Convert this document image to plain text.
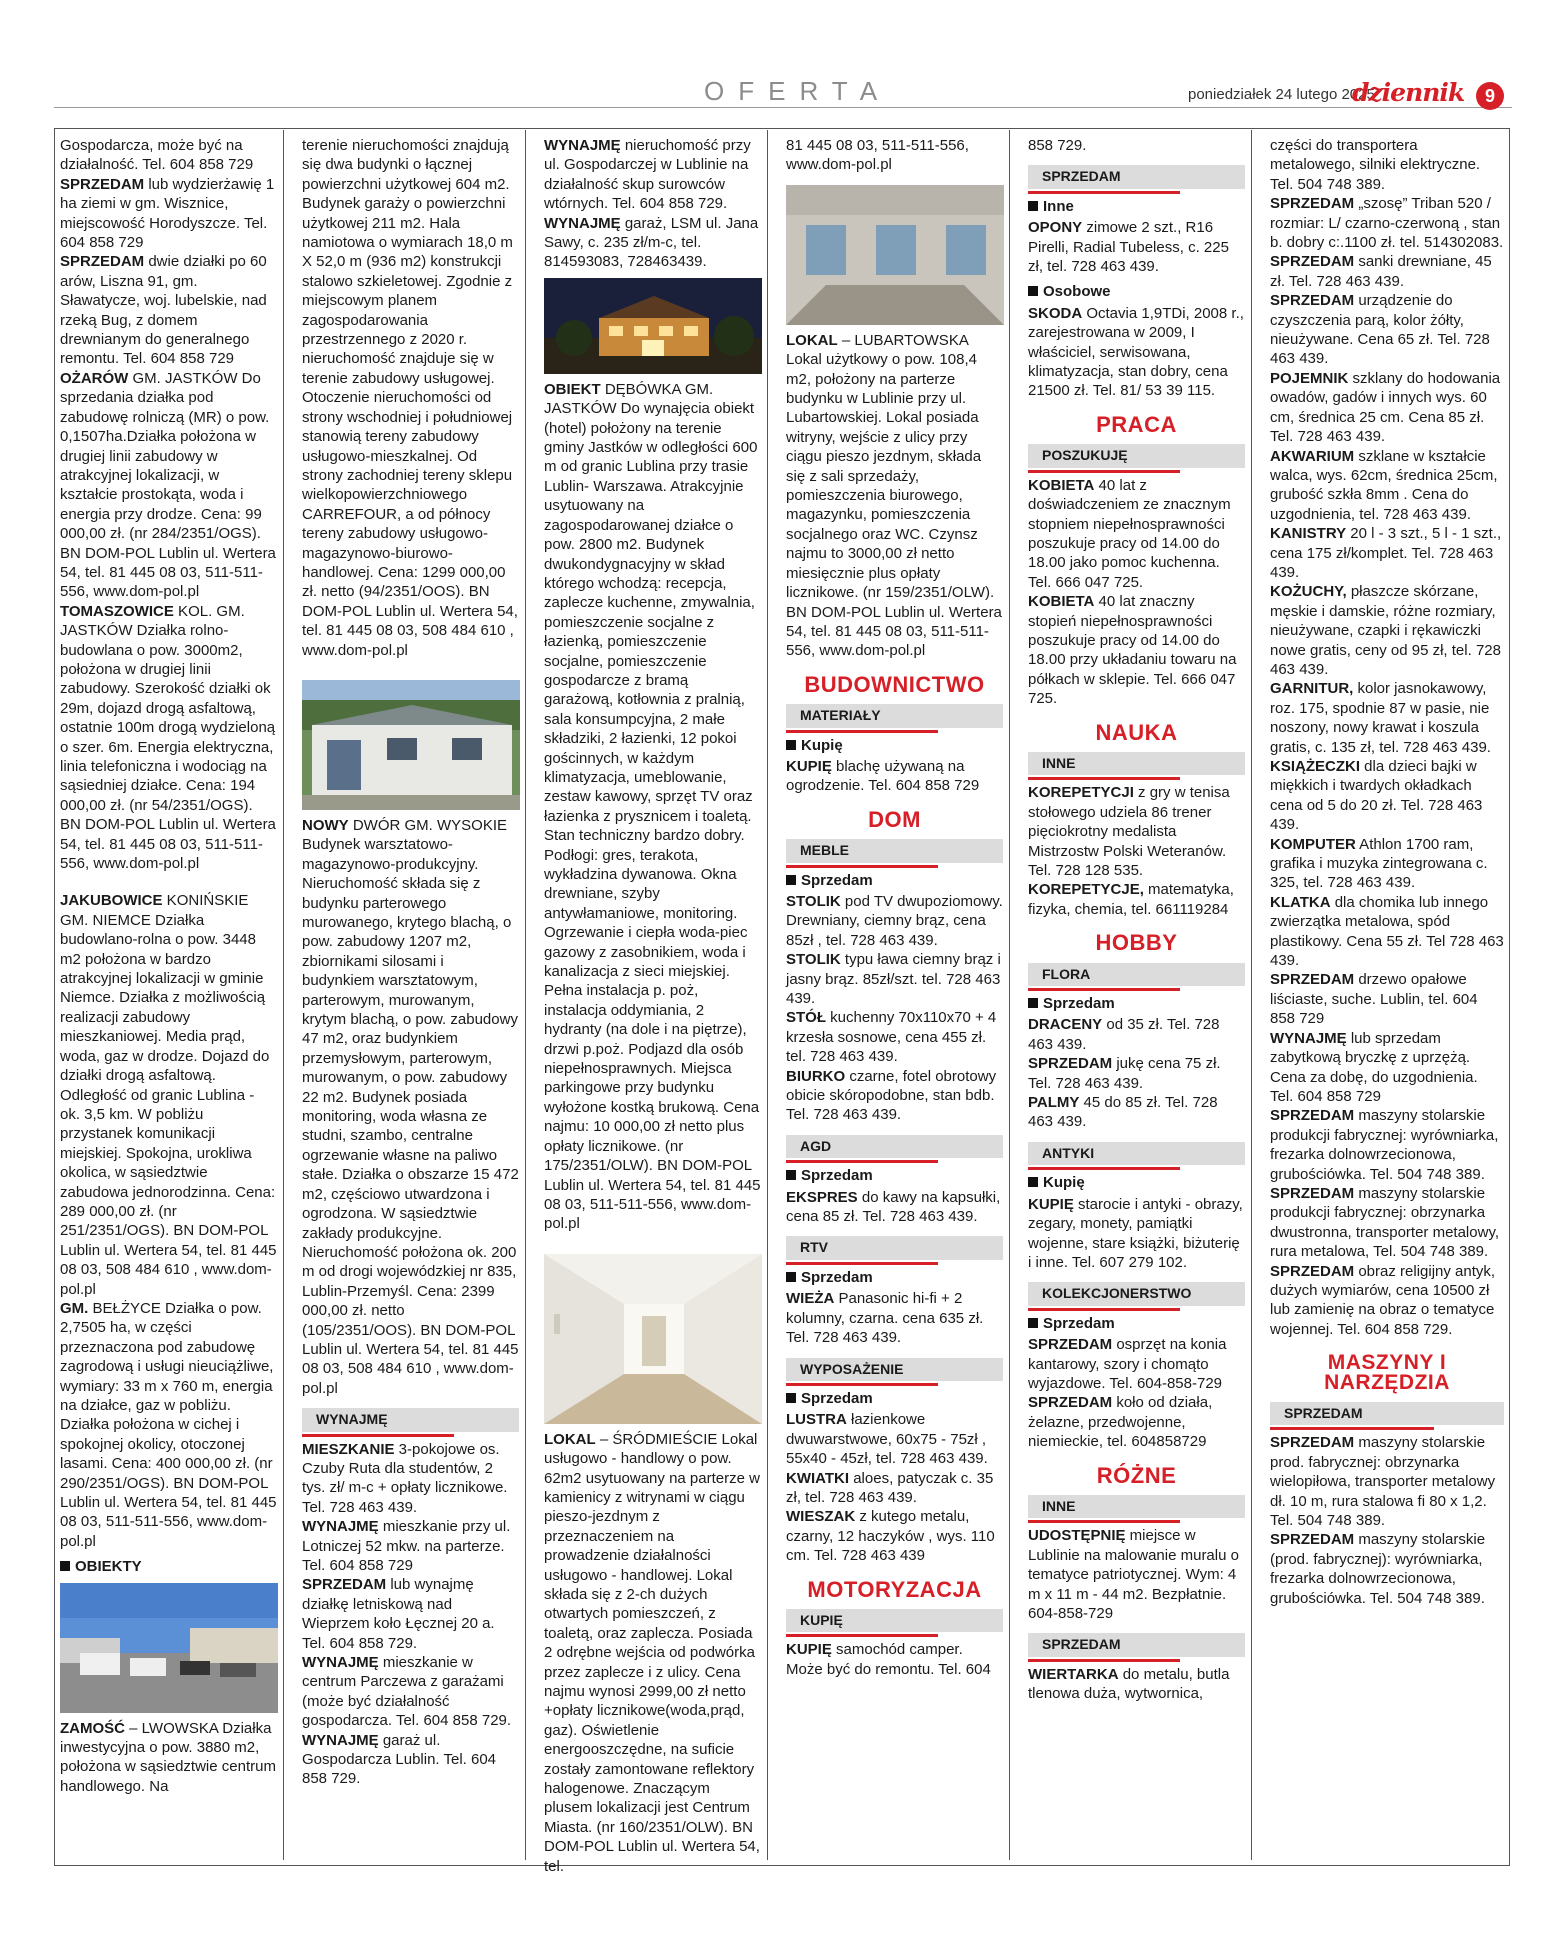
OFERTA	poniedziałek 24 lutego 2025
dziennik	9

Gospodarcza, może być na działalność. Tel. 604 858 729

SPRZEDAM lub wydzierżawię 1 ha ziemi w gm. Wisznice, miejscowość Horodyszcze. Tel. 604 858 729

SPRZEDAM dwie działki po 60 arów, Liszna 91, gm. Sławatycze, woj. lubelskie, nad rzeką Bug, z domem drewnianym do generalnego remontu. Tel. 604 858 729

OŻARÓW GM. JASTKÓW Do sprzedania działka pod zabudowę rolniczą (MR) o pow. 0,1507ha.Działka położona w drugiej linii zabudowy w atrakcyjnej lokalizacji, w kształcie prostokąta, woda i energia przy drodze. Cena: 99 000,00 zł. (nr 284/2351/OGS). BN DOM-POL Lublin ul. Wertera 54, tel. 81 445 08 03, 511-511-556, www.dom-pol.pl

TOMASZOWICE KOL. GM. JASTKÓW Działka rolno-budowlana o pow. 3000m2, położona w drugiej linii zabudowy. Szerokość działki ok 29m, dojazd drogą asfaltową, ostatnie 100m drogą wydzieloną o szer. 6m. Energia elektryczna, linia telefoniczna i wodociąg na sąsiedniej działce. Cena: 194 000,00 zł. (nr 54/2351/OGS). BN DOM-POL Lublin ul. Wertera 54, tel. 81 445 08 03, 511-511-556, www.dom-pol.pl

JAKUBOWICE KONIŃSKIE GM. NIEMCE Działka budowlano-rolna o pow. 3448 m2 położona w bardzo atrakcyjnej lokalizacji w gminie Niemce. Działka z możliwością realizacji zabudowy mieszkaniowej. Media prąd, woda, gaz w drodze. Dojazd do działki drogą asfaltową. Odległość od granic Lublina - ok. 3,5 km. W pobliżu przystanek komunikacji miejskiej. Spokojna, urokliwa okolica, w sąsiedztwie zabudowa jednorodzinna. Cena: 289 000,00 zł. (nr 251/2351/OGS). BN DOM-POL Lublin ul. Wertera 54, tel. 81 445 08 03, 508 484 610 , www.dom-pol.pl

GM. BEŁŻYCE Działka o pow. 2,7505 ha, w części przeznaczona pod zabudowę zagrodową i usługi nieuciążliwe, wymiary: 33 m x 760 m, energia na działce, gaz w pobliżu. Działka położona w cichej i spokojnej okolicy, otoczonej lasami. Cena: 400 000,00 zł. (nr 290/2351/OGS). BN DOM-POL Lublin ul. Wertera 54, tel. 81 445 08 03, 511-511-556, www.dom-pol.pl

OBIEKTY

ZAMOŚĆ – LWOWSKA Działka inwestycyjna o pow. 3880 m2, położona w sąsiedztwie centrum handlowego. Na

terenie nieruchomości znajdują się dwa budynki o łącznej powierzchni użytkowej 604 m2. Budynek garaży o powierzchni użytkowej 211 m2. Hala namiotowa o wymiarach 18,0 m X 52,0 m (936 m2) konstrukcji stalowo szkieletowej. Zgodnie z miejscowym planem zagospodarowania przestrzennego z 2020 r. nieruchomość znajduje się w terenie zabudowy usługowej. Otoczenie nieruchomości od strony wschodniej i południowej stanowią tereny zabudowy usługowo-mieszkalnej. Od strony zachodniej tereny sklepu wielkopowierzchniowego CARREFOUR, a od północy tereny zabudowy usługowo-magazynowo-biurowo-handlowej. Cena: 1299 000,00 zł. netto (94/2351/OOS). BN DOM-POL Lublin ul. Wertera 54, tel. 81 445 08 03, 508 484 610 , www.dom-pol.pl

NOWY DWÓR GM. WYSOKIE Budynek warsztatowo-magazynowo-produkcyjny. Nieruchomość składa się z budynku parterowego murowanego, krytego blachą, o pow. zabudowy 1207 m2, zbiornikami silosami i budynkiem warsztatowym, parterowym, murowanym, krytym blachą, o pow. zabudowy 47 m2, oraz budynkiem przemysłowym, parterowym, murowanym, o pow. zabudowy 22 m2. Budynek posiada monitoring, woda własna ze studni, szambo, centralne ogrzewanie własne na paliwo stałe. Działka o obszarze 15 472 m2, częściowo utwardzona i ogrodzona. W sąsiedztwie zakłady produkcyjne. Nieruchomość położona ok. 200 m od drogi wojewódzkiej nr 835, Lublin-Przemyśl. Cena: 2399 000,00 zł. netto (105/2351/OOS). BN DOM-POL Lublin ul. Wertera 54, tel. 81 445 08 03, 508 484 610 , www.dom-pol.pl

WYNAJMĘ

MIESZKANIE 3-pokojowe os. Czuby Ruta dla studentów, 2 tys. zł/ m-c + opłaty licznikowe. Tel. 728 463 439.

WYNAJMĘ mieszkanie przy ul. Lotniczej 52 mkw. na parterze. Tel. 604 858 729

SPRZEDAM lub wynajmę działkę letniskową nad Wieprzem koło Łęcznej 20 a. Tel. 604 858 729.

WYNAJMĘ mieszkanie w centrum Parczewa z garażami (może być działalność gospodarcza. Tel. 604 858 729.

WYNAJMĘ garaż ul. Gospodarcza Lublin. Tel. 604 858 729.

WYNAJMĘ nieruchomość przy ul. Gospodarczej w Lublinie na działalność skup surowców wtórnych. Tel. 604 858 729.

WYNAJMĘ garaż, LSM ul. Jana Sawy, c. 235 zł/m-c, tel. 814593083, 728463439.

OBIEKT DĘBÓWKA GM. JASTKÓW Do wynajęcia obiekt (hotel) położony na terenie gminy Jastków w odległości 600 m od granic Lublina przy trasie Lublin- Warszawa. Atrakcyjnie usytuowany na zagospodarowanej działce o pow. 2800 m2. Budynek dwukondygnacyjny w skład którego wchodzą: recepcja, zaplecze kuchenne, zmywalnia, pomieszczenie socjalne z łazienką, pomieszczenie socjalne, pomieszczenie gospodarcze z bramą garażową, kotłownia z pralnią, sala konsumpcyjna, 2 małe składziki, 2 łazienki, 12 pokoi gościnnych, w każdym klimatyzacja, umeblowanie, zestaw kawowy, sprzęt TV oraz łazienka z prysznicem i toaletą. Stan techniczny bardzo dobry. Podłogi: gres, terakota, wykładzina dywanowa. Okna drewniane, szyby antywłamaniowe, monitoring. Ogrzewanie i ciepła woda-piec gazowy z zasobnikiem, woda i kanalizacja z sieci miejskiej. Pełna instalacja p. poż, instalacja oddymiania, 2 hydranty (na dole i na piętrze), drzwi p.poż. Podjazd dla osób niepełnosprawnych. Miejsca parkingowe przy budynku wyłożone kostką brukową. Cena najmu: 10 000,00 zł netto plus opłaty licznikowe. (nr 175/2351/OLW). BN DOM-POL Lublin ul. Wertera 54, tel. 81 445 08 03, 511-511-556, www.dom-pol.pl

LOKAL – ŚRÓDMIEŚCIE Lokal usługowo - handlowy o pow. 62m2 usytuowany na parterze w kamienicy z witrynami w ciągu pieszo-jezdnym z przeznaczeniem na prowadzenie działalności usługowo - handlowej. Lokal składa się z 2-ch dużych otwartych pomieszczeń, z toaletą, oraz zaplecza. Posiada 2 odrębne wejścia od podwórka przez zaplecze i z ulicy. Cena najmu wynosi 2999,00 zł netto +opłaty licznikowe(woda,prąd, gaz). Oświetlenie energooszczędne, na suficie zostały zamontowane reflektory halogenowe. Znaczącym plusem lokalizacji jest Centrum Miasta. (nr 160/2351/OLW). BN DOM-POL Lublin ul. Wertera 54, tel.

81 445 08 03, 511-511-556, www.dom-pol.pl

LOKAL – LUBARTOWSKA Lokal użytkowy o pow. 108,4 m2, położony na parterze budynku w Lublinie przy ul. Lubartowskiej. Lokal posiada witryny, wejście z ulicy przy ciągu pieszo jezdnym, składa się z sali sprzedaży, pomieszczenia biurowego, magazynku, pomieszczenia socjalnego oraz WC. Czynsz najmu to 3000,00 zł netto miesięcznie plus opłaty licznikowe. (nr 159/2351/OLW). BN DOM-POL Lublin ul. Wertera 54, tel. 81 445 08 03, 511-511-556, www.dom-pol.pl

BUDOWNICTWO
MATERIAŁY
Kupię

KUPIĘ blachę używaną na ogrodzenie. Tel. 604 858 729

DOM
MEBLE
Sprzedam

STOLIK pod TV dwupoziomowy. Drewniany, ciemny brąz, cena 85zł , tel. 728 463 439.

STOLIK typu ława ciemny brąz i jasny brąz. 85zł/szt. tel. 728 463 439.

STÓŁ kuchenny 70x110x70 + 4 krzesła sosnowe, cena 455 zł. tel. 728 463 439.

BIURKO czarne, fotel obrotowy obicie skóropodobne, stan bdb. Tel. 728 463 439.

AGD
Sprzedam

EKSPRES do kawy na kapsułki, cena 85 zł. Tel. 728 463 439.

RTV
Sprzedam

WIEŻA Panasonic hi-fi + 2 kolumny, czarna. cena 635 zł. Tel. 728 463 439.

WYPOSAŻENIE
Sprzedam

LUSTRA łazienkowe dwuwarstwowe, 60x75 - 75zł , 55x40 - 45zł, tel. 728 463 439.

KWIATKI aloes, patyczak c. 35 zł, tel. 728 463 439.

WIESZAK z kutego metalu, czarny, 12 haczyków , wys. 110 cm. Tel. 728 463 439

MOTORYZACJA
KUPIĘ

KUPIĘ samochód camper. Może być do remontu. Tel. 604

858 729.

SPRZEDAM
Inne

OPONY zimowe 2 szt., R16 Pirelli, Radial Tubeless, c. 225 zł, tel. 728 463 439.

Osobowe

SKODA Octavia 1,9TDi, 2008 r., zarejestrowana w 2009, I właściciel, serwisowana, klimatyzacja, stan dobry, cena 21500 zł. Tel. 81/ 53 39 115.

PRACA
POSZUKUJĘ

KOBIETA 40 lat z doświadczeniem ze znacznym stopniem niepełnosprawności poszukuje pracy od 14.00 do 18.00 jako pomoc kuchenna. Tel. 666 047 725.

KOBIETA 40 lat znaczny stopień niepełnosprawności poszukuje pracy od 14.00 do 18.00 przy układaniu towaru na półkach w sklepie. Tel. 666 047 725.

NAUKA
INNE

KOREPETYCJI z gry w tenisa stołowego udziela 86 trener pięciokrotny medalista Mistrzostw Polski Weteranów. Tel. 728 128 535.

KOREPETYCJE, matematyka, fizyka, chemia, tel. 661119284

HOBBY
FLORA
Sprzedam

DRACENY od 35 zł. Tel. 728 463 439.

SPRZEDAM jukę cena 75 zł. Tel. 728 463 439.

PALMY 45 do 85 zł. Tel. 728 463 439.

ANTYKI
Kupię

KUPIĘ starocie i antyki - obrazy, zegary, monety, pamiątki wojenne, stare książki, biżuterię i inne. Tel. 607 279 102.

KOLEKCJONERSTWO
Sprzedam

SPRZEDAM osprzęt na konia kantarowy, szory i chomąto wyjazdowe. Tel. 604-858-729

SPRZEDAM koło od działa, żelazne, przedwojenne, niemieckie, tel. 604858729

RÓŻNE
INNE

UDOSTĘPNIĘ miejsce w Lublinie na malowanie muralu o tematyce patriotycznej. Wym: 4 m x 11 m - 44 m2. Bezpłatnie. 604-858-729

SPRZEDAM

WIERTARKA do metalu, butla tlenowa duża, wytwornica,

części do transportera metalowego, silniki elektryczne. Tel. 504 748 389.

SPRZEDAM „szosę” Triban 520 / rozmiar: L/ czarno-czerwoną , stan b. dobry c:.1100 zł. tel. 514302083.

SPRZEDAM sanki drewniane, 45 zł. Tel. 728 463 439.

SPRZEDAM urządzenie do czyszczenia parą, kolor żółty, nieużywane. Cena 65 zł. Tel. 728 463 439.

POJEMNIK szklany do hodowania owadów, gadów i innych wys. 60 cm, średnica 25 cm. Cena 85 zł. Tel. 728 463 439.

AKWARIUM szklane w kształcie walca, wys. 62cm, średnica 25cm, grubość szkła 8mm . Cena do uzgodnienia, tel. 728 463 439.

KANISTRY 20 l - 3 szt., 5 l - 1 szt., cena 175 zł/komplet. Tel. 728 463 439.

KOŻUCHY, płaszcze skórzane, męskie i damskie, różne rozmiary, nieużywane, czapki i rękawiczki nowe gratis, ceny od 95 zł, tel. 728 463 439.

GARNITUR, kolor jasnokawowy, roz. 175, spodnie 87 w pasie, nie noszony, nowy krawat i koszula gratis, c. 135 zł, tel. 728 463 439.

KSIĄŻECZKI dla dzieci bajki w miękkich i twardych okładkach cena od 5 do 20 zł. Tel. 728 463 439.

KOMPUTER Athlon 1700 ram, grafika i muzyka zintegrowana c. 325, tel. 728 463 439.

KLATKA dla chomika lub innego zwierzątka metalowa, spód plastikowy. Cena 55 zł. Tel 728 463 439.

SPRZEDAM drzewo opałowe liściaste, suche. Lublin, tel. 604 858 729

WYNAJMĘ lub sprzedam zabytkową bryczkę z uprzężą. Cena za dobę, do uzgodnienia. Tel. 604 858 729

SPRZEDAM maszyny stolarskie produkcji fabrycznej: wyrówniarka, frezarka dolnowrzecionowa, grubościówka. Tel. 504 748 389.

SPRZEDAM maszyny stolarskie produkcji fabrycznej: obrzynarka dwustronna, transporter metalowy, rura metalowa, Tel. 504 748 389.

SPRZEDAM obraz religijny antyk, dużych wymiarów, cena 10500 zł lub zamienię na obraz o tematyce wojennej. Tel. 604 858 729.

MASZYNY I NARZĘDZIA
SPRZEDAM

SPRZEDAM maszyny stolarskie prod. fabrycznej: obrzynarka wielopiłowa, transporter metalowy dł. 10 m, rura stalowa fi 80 x 1,2. Tel. 504 748 389.

SPRZEDAM maszyny stolarskie (prod. fabrycznej): wyrówniarka, frezarka dolnowrzecionowa, grubościówka. Tel. 504 748 389.
